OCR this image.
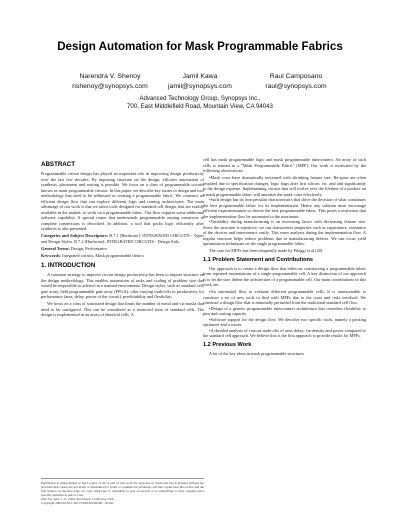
Design Automation for Mask Programmable Fabrics
Narendra V. Shenoy
nshenoy@synopsys.com
Jamil Kawa
jamil@synopsys.com
Raul Camposano
raul@synopsys.com
Advanced Technology Group, Synopsys Inc.,
700, East Middlefield Road, Mountain View, CA 94043
ABSTRACT

Programmable circuit design has played an important role in improving design productivity over the last few decades. By imposing structure on the design, efficient automation of synthesis, placement and routing is possible. We focus on a class of programmable circuits known as mask programmable circuits. In this paper, we describe key issues in design and tool methodology that need to be addressed in creating a programmable fabric. We construct an efficient design flow that can explore different logic and routing architectures. The main advantage of our work is that we tailor tools designed for standard cell design, that are readily available in the market, to work on a programmable fabric. Our flow requires some additional software capability. A special router that understands programmable routing constructs to complete connections is described. In addition, a tool that packs logic efficiently after synthesis is also presented.

Categories and Subject Descriptors: B.7.1 [Hardware]: INTEGRATED CIRCUITS - Types and Design Styles. B.7.2 [Hardware]: INTEGRATED CIRCUITS - Design Aids.
General Terms: Design, Performance
Keywords: Integrated circuits, Mask programmable fabrics
1. INTRODUCTION

A common strategy to improve circuit design productivity has been to impose structure on the design methodology. This enables automation of tasks and scaling of problem size that would be impossible to achieve in a manual environment. Design styles, such as standard cell, gate array, field programmable gate array (FPGA), offer varying trade-offs in productivity for performance (area, delay, power of the circuit), predictability and flexibility.

We focus on a class of structured design that limits the number of metal and via masks that need to be configured. This can be considered as a restricted form of standard cells. The design is implemented as an array of identical cells. A

Permission to make digital or hard copies of all or part of this work for personal or classroom use is granted without fee provided that copies are not made or distributed for profit or commercial advantage and that copies bear this notice and the full citation on the first page. To copy otherwise, to republish, to post on servers or to redistribute to lists, requires prior specific permission and/or a fee.

DAC'04, June 7–11, 2004, San Diego, California, USA.

Copyright 2004 ACM 1-58113-828-8/04/0006 ...$5.00.

cell has mask programmable logic and mask programmable interconnect. An array of such cells is termed as a "Mask Programmable Fabric" (MPF). Our work is motivated by the following observations:

• Mask costs have dramatically increased with shrinking feature size. Re-spins are often required due to specification changes, logic bugs after first silicon, etc. and add significantly to the design expense. Implementing circuits that will evolve over the lifetime of a product on a mask programmable fabric will amortize the mask costs effectively.
• Such design has its own peculiar characteristics that drive the decision of what constitutes the best programmable fabric for its implementation. Hence any solution must encourage efficient experimentation to choose the best programmable fabric. This poses a restriction that the implementation flow be automated to the maximum.
• Variability during manufacturing is an increasing factor with decreasing feature size. Since the structure is repetitive, we can characterize properties such as capacitance, resistance of the devices and interconnect easily. This eases analysis during the implementation flow. A regular structure helps reduce problems due to manufacturing defects. We can focus yield optimization techniques on the single programmable fabric.

The case for MPFs has been eloquently made by Pileggi et al [20].

1.1 Problem Statement and Contributions

Our approach is to create a design flow that relies on constructing a programmable fabric from repeated instantiations of a single programmable cell. A key distinction of our approach is to let the user define the architecture of a programmable cell. Our main contributions in this work are:

• An automated flow to evaluate different programmable cells. It is unreasonable to construct a set of new tools to deal with MPFs due to the costs and risks involved. We construct a design flow that is minimally perturbed from the traditional standard cell flow.
• Design of a generic programmable interconnect architecture that considers flexibility to pins and routing capacity.
• Software support for the design flow. We describe two specific tools, namely a packing optimizer and a router.
• A detailed analysis of various trade-offs of area, delay, via-density and power compared to the standard cell approach. We believe this is the first approach to provide results for MPFs.
1.2 Previous Work

A lot of the key ideas in mask programmable structures
